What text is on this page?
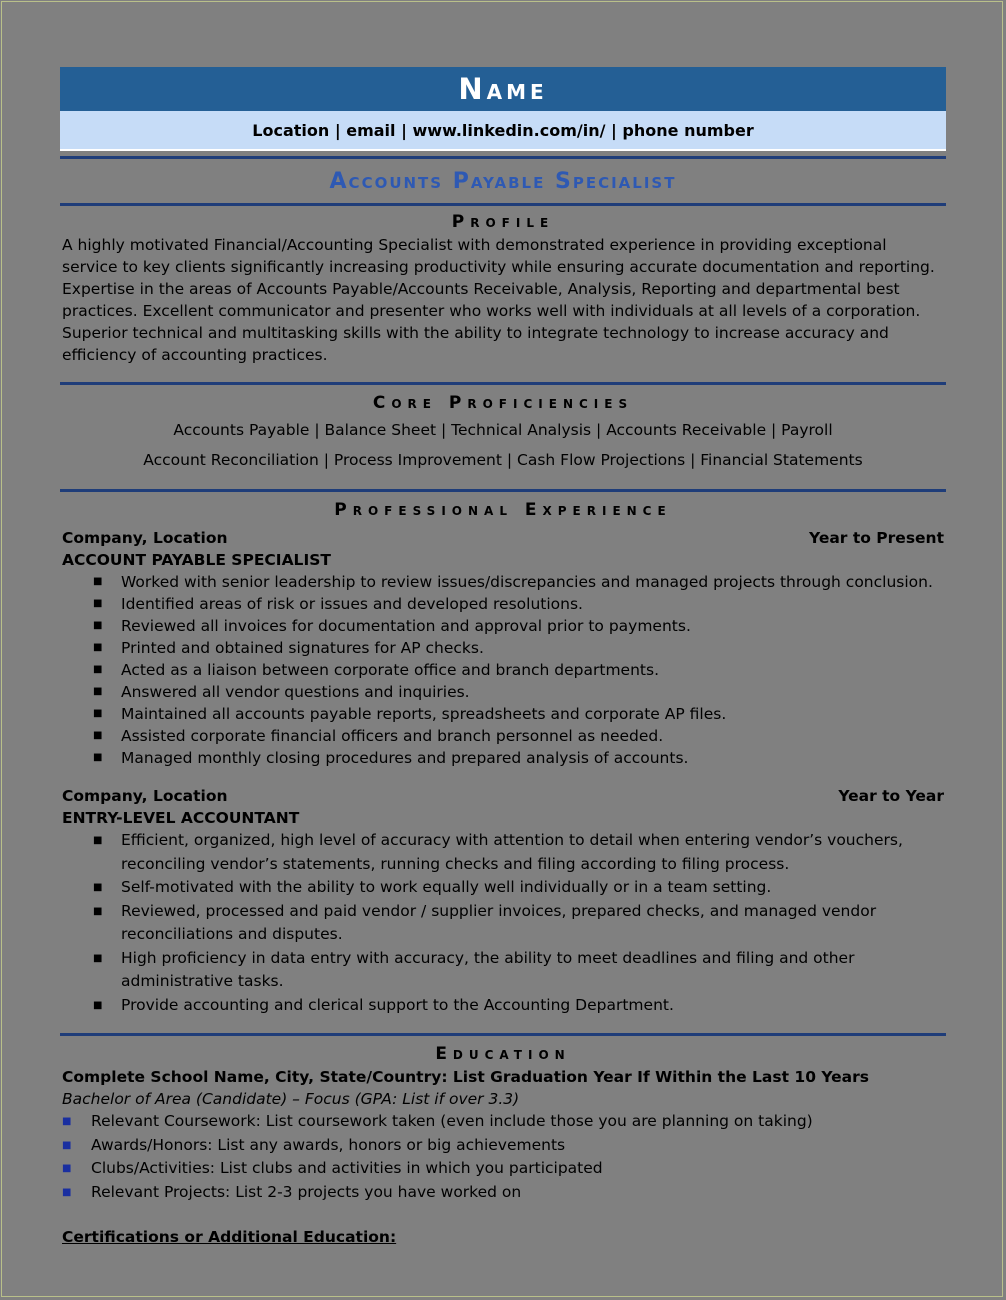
Name
Location | email | www.linkedin.com/in/ | phone number
Accounts Payable Specialist
Profile
A highly motivated Financial/Accounting Specialist with demonstrated experience in providing exceptional service to key clients significantly increasing productivity while ensuring accurate documentation and reporting. Expertise in the areas of Accounts Payable/Accounts Receivable, Analysis, Reporting and departmental best practices. Excellent communicator and presenter who works well with individuals at all levels of a corporation. Superior technical and multitasking skills with the ability to integrate technology to increase accuracy and efficiency of accounting practices.
Core Proficiencies
Accounts Payable | Balance Sheet | Technical Analysis | Accounts Receivable | Payroll
Account Reconciliation | Process Improvement | Cash Flow Projections | Financial Statements
Professional Experience
Company, Location	Year to Present
ACCOUNT PAYABLE SPECIALIST
■ Worked with senior leadership to review issues/discrepancies and managed projects through conclusion.
■ Identified areas of risk or issues and developed resolutions.
■ Reviewed all invoices for documentation and approval prior to payments.
■ Printed and obtained signatures for AP checks.
■ Acted as a liaison between corporate office and branch departments.
■ Answered all vendor questions and inquiries.
■ Maintained all accounts payable reports, spreadsheets and corporate AP files.
■ Assisted corporate financial officers and branch personnel as needed.
■ Managed monthly closing procedures and prepared analysis of accounts.
Company, Location	Year to Year
ENTRY-LEVEL ACCOUNTANT
■ Efficient, organized, high level of accuracy with attention to detail when entering vendor’s vouchers, reconciling vendor’s statements, running checks and filing according to filing process.
■ Self-motivated with the ability to work equally well individually or in a team setting.
■ Reviewed, processed and paid vendor / supplier invoices, prepared checks, and managed vendor reconciliations and disputes.
■ High proficiency in data entry with accuracy, the ability to meet deadlines and filing and other administrative tasks.
■ Provide accounting and clerical support to the Accounting Department.
Education
Complete School Name, City, State/Country: List Graduation Year If Within the Last 10 Years
Bachelor of Area (Candidate) – Focus (GPA: List if over 3.3)
■ Relevant Coursework: List coursework taken (even include those you are planning on taking)
■ Awards/Honors: List any awards, honors or big achievements
■ Clubs/Activities: List clubs and activities in which you participated
■ Relevant Projects: List 2-3 projects you have worked on
Certifications or Additional Education:
